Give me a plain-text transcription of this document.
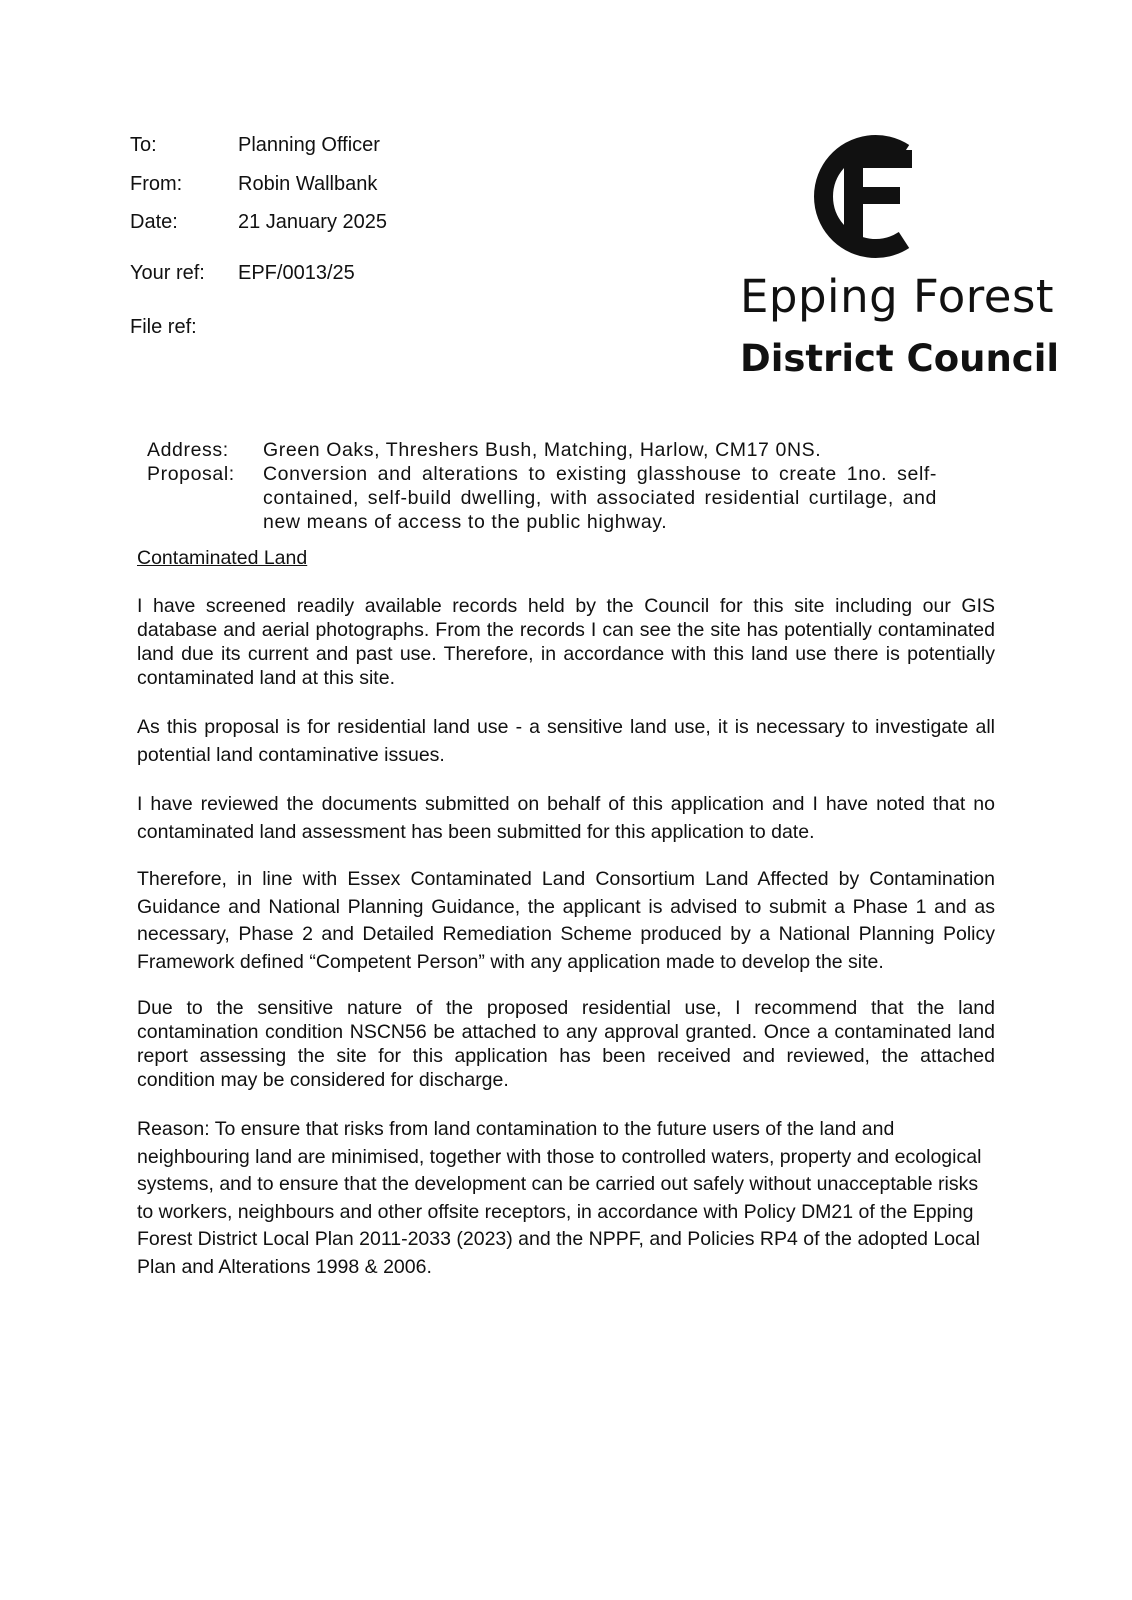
To:	Planning Officer
From:	Robin Wallbank
Date:	21 January 2025
Your ref: EPF/0013/25
File ref:
Epping Forest
District Council
Address:	Green Oaks, Threshers Bush, Matching, Harlow, CM17 0NS.
Proposal:	Conversion and alterations to existing glasshouse to create 1no. self-contained, self-build dwelling, with associated residential curtilage, and new means of access to the public highway.

Contaminated Land

I have screened readily available records held by the Council for this site including our GIS database and aerial photographs. From the records I can see the site has potentially contaminated land due its current and past use. Therefore, in accordance with this land use there is potentially contaminated land at this site.

As this proposal is for residential land use - a sensitive land use, it is necessary to investigate all potential land contaminative issues.

I have reviewed the documents submitted on behalf of this application and I have noted that no contaminated land assessment has been submitted for this application to date.

Therefore, in line with Essex Contaminated Land Consortium Land Affected by Contamination Guidance and National Planning Guidance, the applicant is advised to submit a Phase 1 and as necessary, Phase 2 and Detailed Remediation Scheme produced by a National Planning Policy Framework defined “Competent Person” with any application made to develop the site.

Due to the sensitive nature of the proposed residential use, I recommend that the land contamination condition NSCN56 be attached to any approval granted. Once a contaminated land report assessing the site for this application has been received and reviewed, the attached condition may be considered for discharge.

Reason: To ensure that risks from land contamination to the future users of the land and neighbouring land are minimised, together with those to controlled waters, property and ecological systems, and to ensure that the development can be carried out safely without unacceptable risks to workers, neighbours and other offsite receptors, in accordance with Policy DM21 of the Epping Forest District Local Plan 2011-2033 (2023) and the NPPF, and Policies RP4 of the adopted Local Plan and Alterations 1998 & 2006.
